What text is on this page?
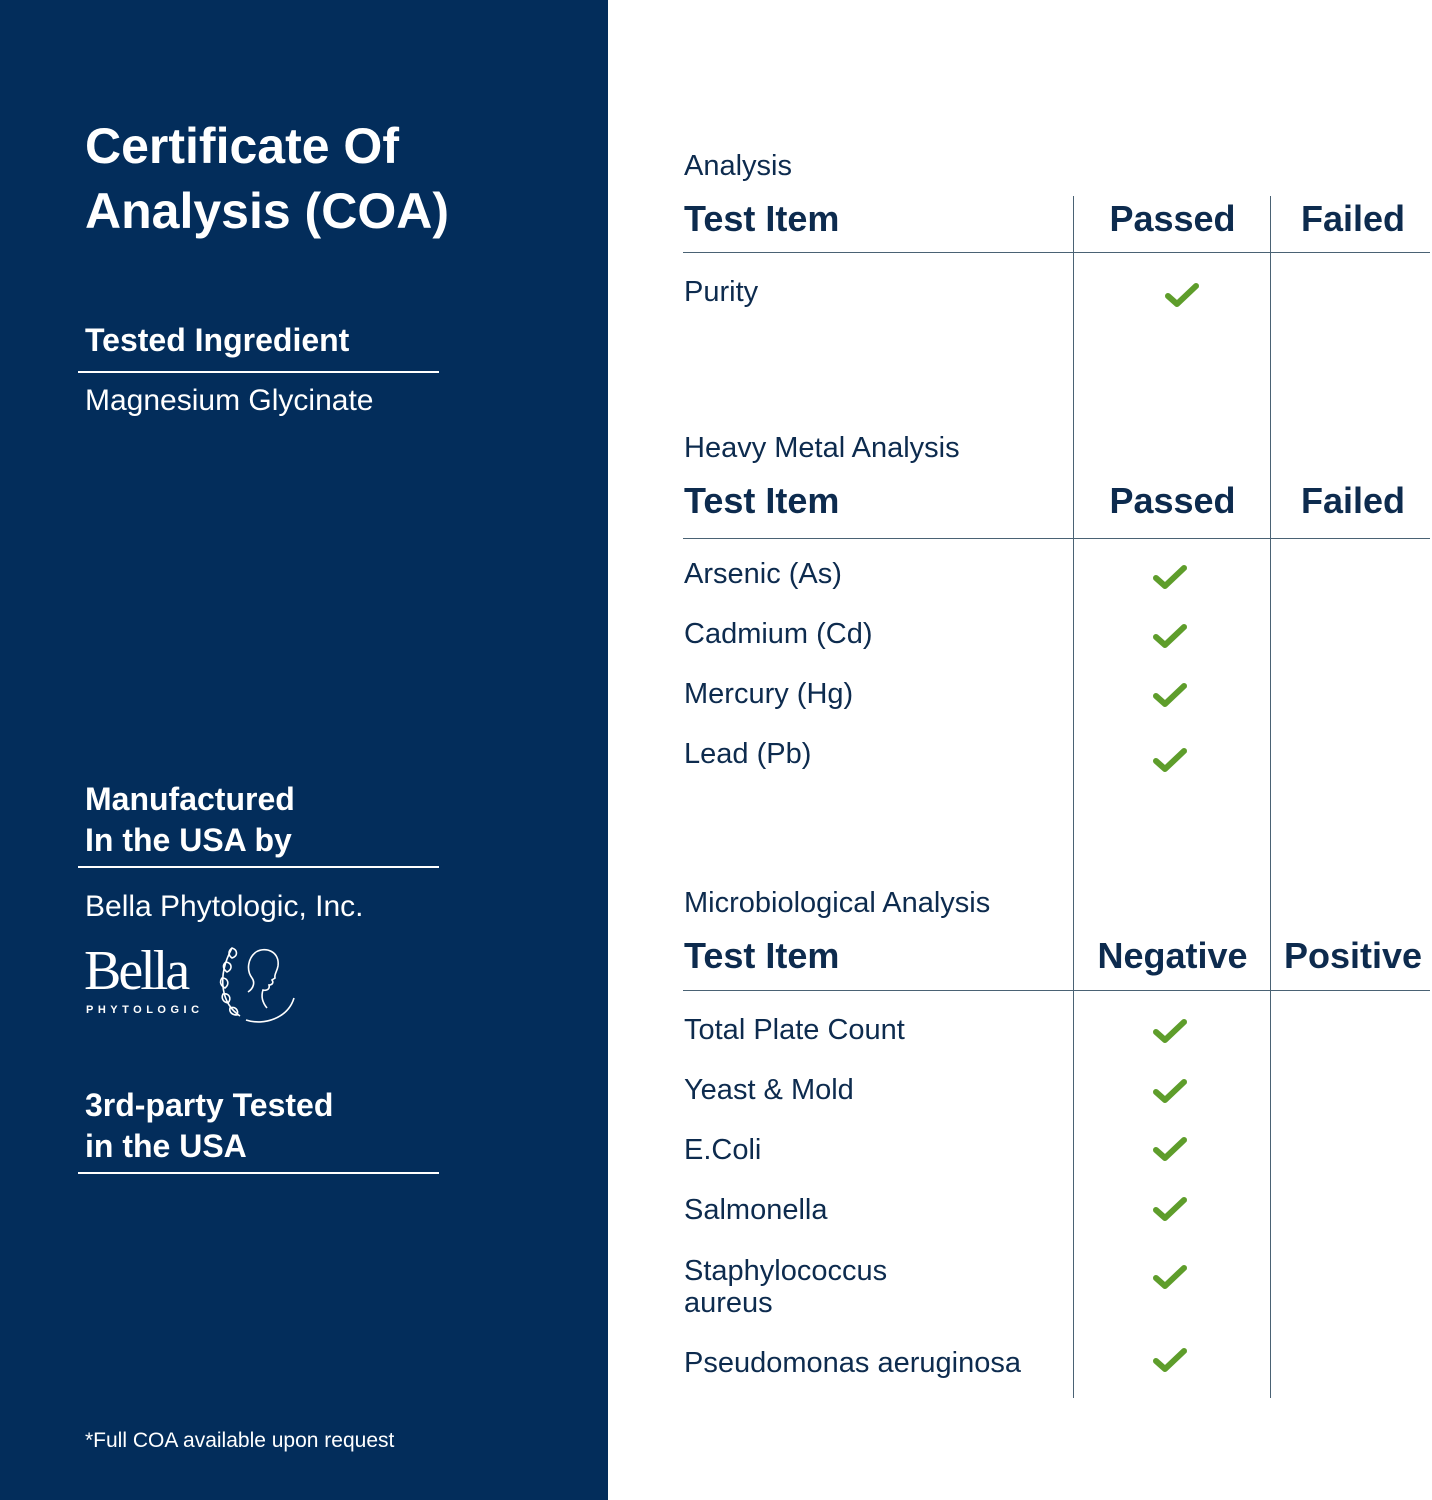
Certificate Of
Analysis (COA)
Tested Ingredient
Magnesium Glycinate
Manufactured
In the USA by
Bella Phytologic, Inc.
Bella
PHYTOLOGIC
3rd-party Tested
in the USA
*Full COA available upon request
Analysis
Test Item	Passed	Failed
Purity
Heavy Metal Analysis
Test Item	Passed	Failed
Arsenic (As)
Cadmium (Cd)
Mercury (Hg)
Lead (Pb)
Microbiological Analysis
Test Item	Negative	Positive
Total Plate Count
Yeast & Mold
E.Coli
Salmonella
Staphylococcus
aureus
Pseudomonas aeruginosa
